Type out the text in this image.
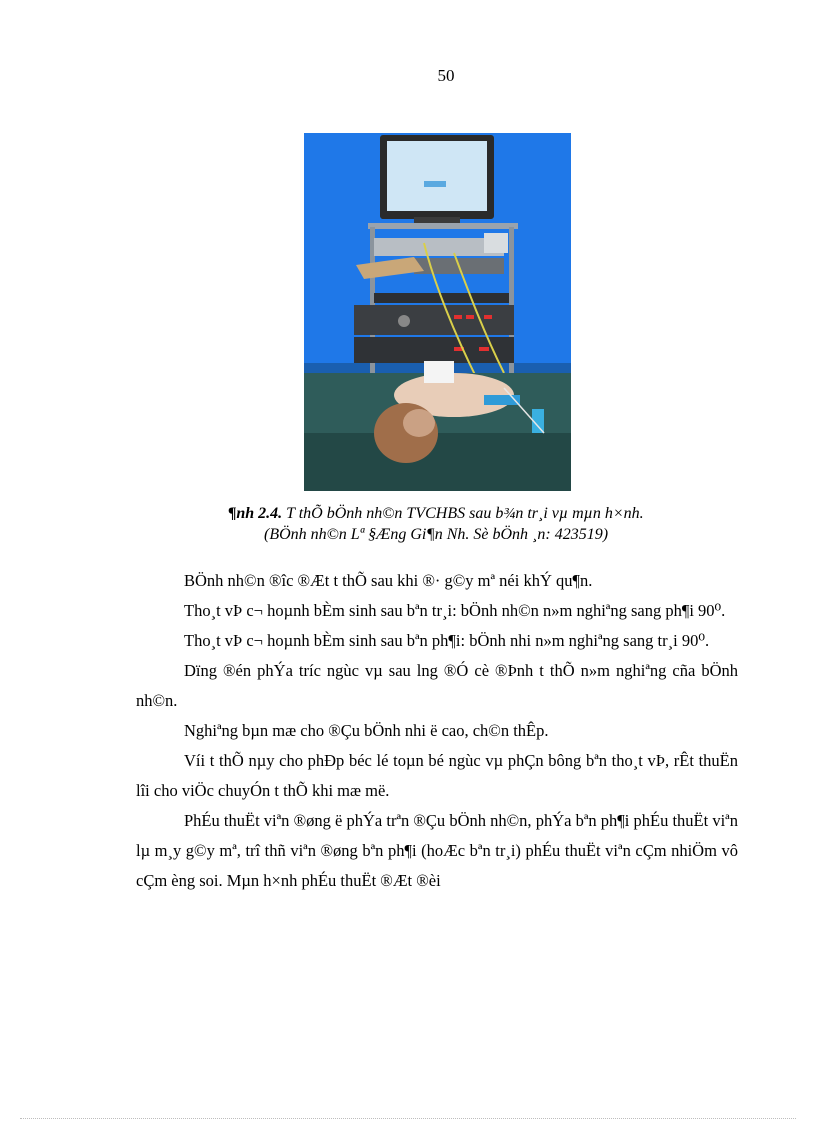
50
¶nh 2.4. T thÕ bÖnh nh©n TVCHBS sau b¾n tr¸i vµ mµn h×nh.
(BÖnh nh©n Lª §Æng Gi¶n Nh. Sè bÖnh ¸n: 423519)

BÖnh nh©n ®îc ®Æt t thÕ sau khi ®· g©y mª néi khÝ qu¶n.

Tho¸t vÞ c¬ hoµnh bÈm sinh sau bªn tr¸i: bÖnh nh©n n»m nghiªng sang ph¶i 90⁰.

Tho¸t vÞ c¬ hoµnh bÈm sinh sau bªn ph¶i: bÖnh nhi n»m nghiªng sang tr¸i 90⁰.

Dïng ®én phÝa tríc ngùc vµ sau lng ®Ó cè ®Þnh t thÕ n»m nghiªng cña bÖnh nh©n.

Nghiªng bµn mæ cho ®Çu bÖnh nhi ë cao, ch©n thÊp.

Víi t thÕ nµy cho phÐp béc lé toµn bé ngùc vµ phÇn bông bªn tho¸t vÞ, rÊt thuËn lîi cho viÖc chuyÓn t thÕ khi mæ më.

PhÉu thuËt viªn ®øng ë phÝa trªn ®Çu bÖnh nh©n, phÝa bªn ph¶i phÉu thuËt viªn lµ m¸y g©y mª, trî thñ viªn ®øng bªn ph¶i (hoÆc bªn tr¸i) phÉu thuËt viªn cÇm nhiÖm vô cÇm èng soi. Mµn h×nh phÉu thuËt ®Æt ®èi
